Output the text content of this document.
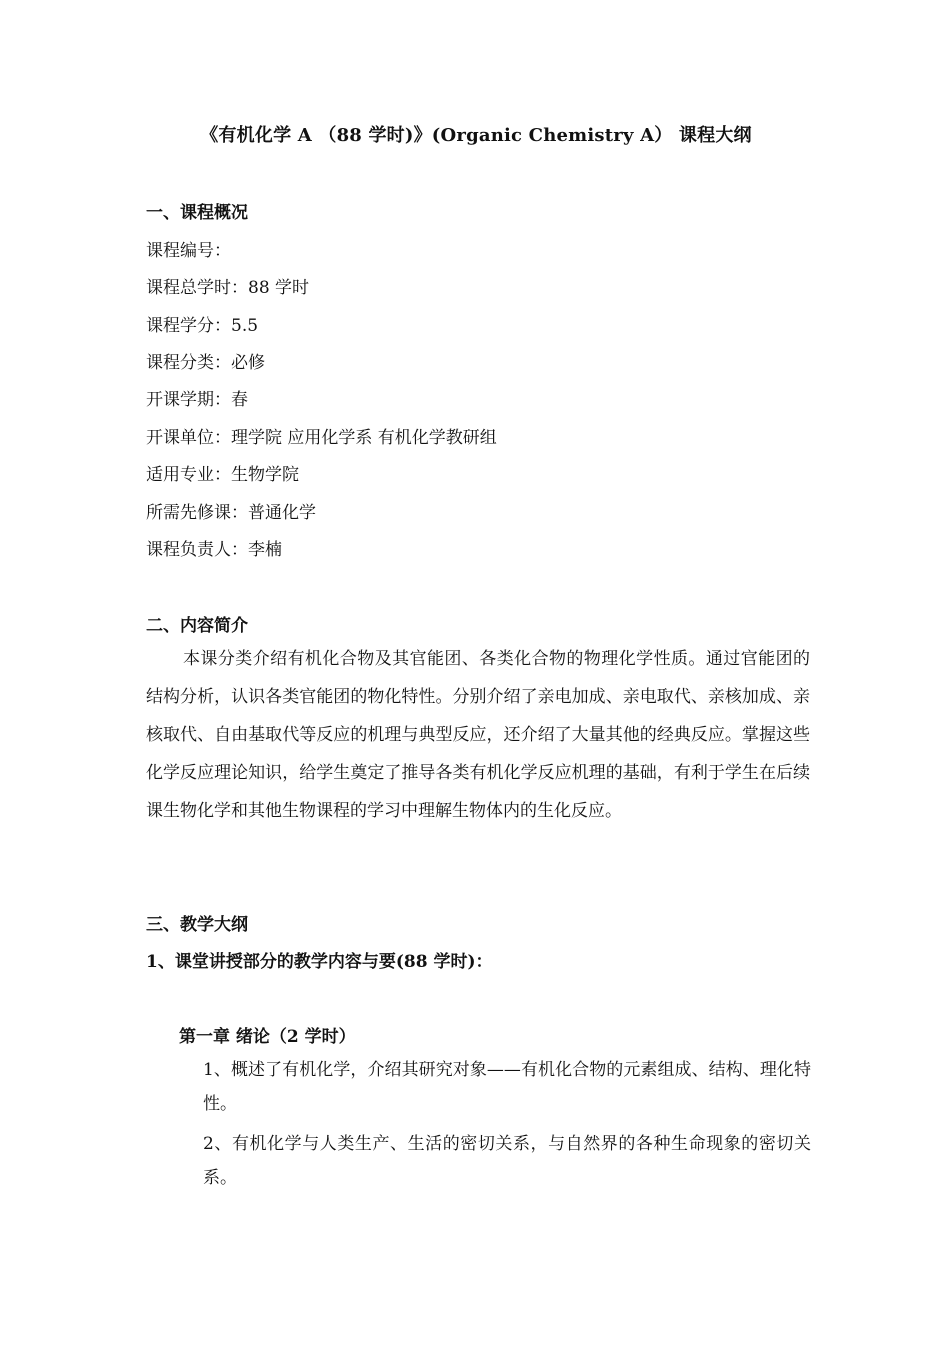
《有机化学 A （88 学时)》(Organic Chemistry A） 课程大纲
一、课程概况
课程编号：
课程总学时：88 学时
课程学分：5.5
课程分类：必修
开课学期：春
开课单位：理学院 应用化学系 有机化学教研组
适用专业：生物学院
所需先修课：普通化学
课程负责人：李楠
二、内容简介
本课分类介绍有机化合物及其官能团、各类化合物的物理化学性质。通过官能团的结构分析，认识各类官能团的物化特性。分别介绍了亲电加成、亲电取代、亲核加成、亲核取代、自由基取代等反应的机理与典型反应，还介绍了大量其他的经典反应。掌握这些化学反应理论知识，给学生奠定了推导各类有机化学反应机理的基础，有利于学生在后续课生物化学和其他生物课程的学习中理解生物体内的生化反应。
三、教学大纲
1、课堂讲授部分的教学内容与要(88 学时)：
第一章 绪论（2 学时）
1、概述了有机化学，介绍其研究对象——有机化合物的元素组成、结构、理化特性。
2、有机化学与人类生产、生活的密切关系，与自然界的各种生命现象的密切关系。
